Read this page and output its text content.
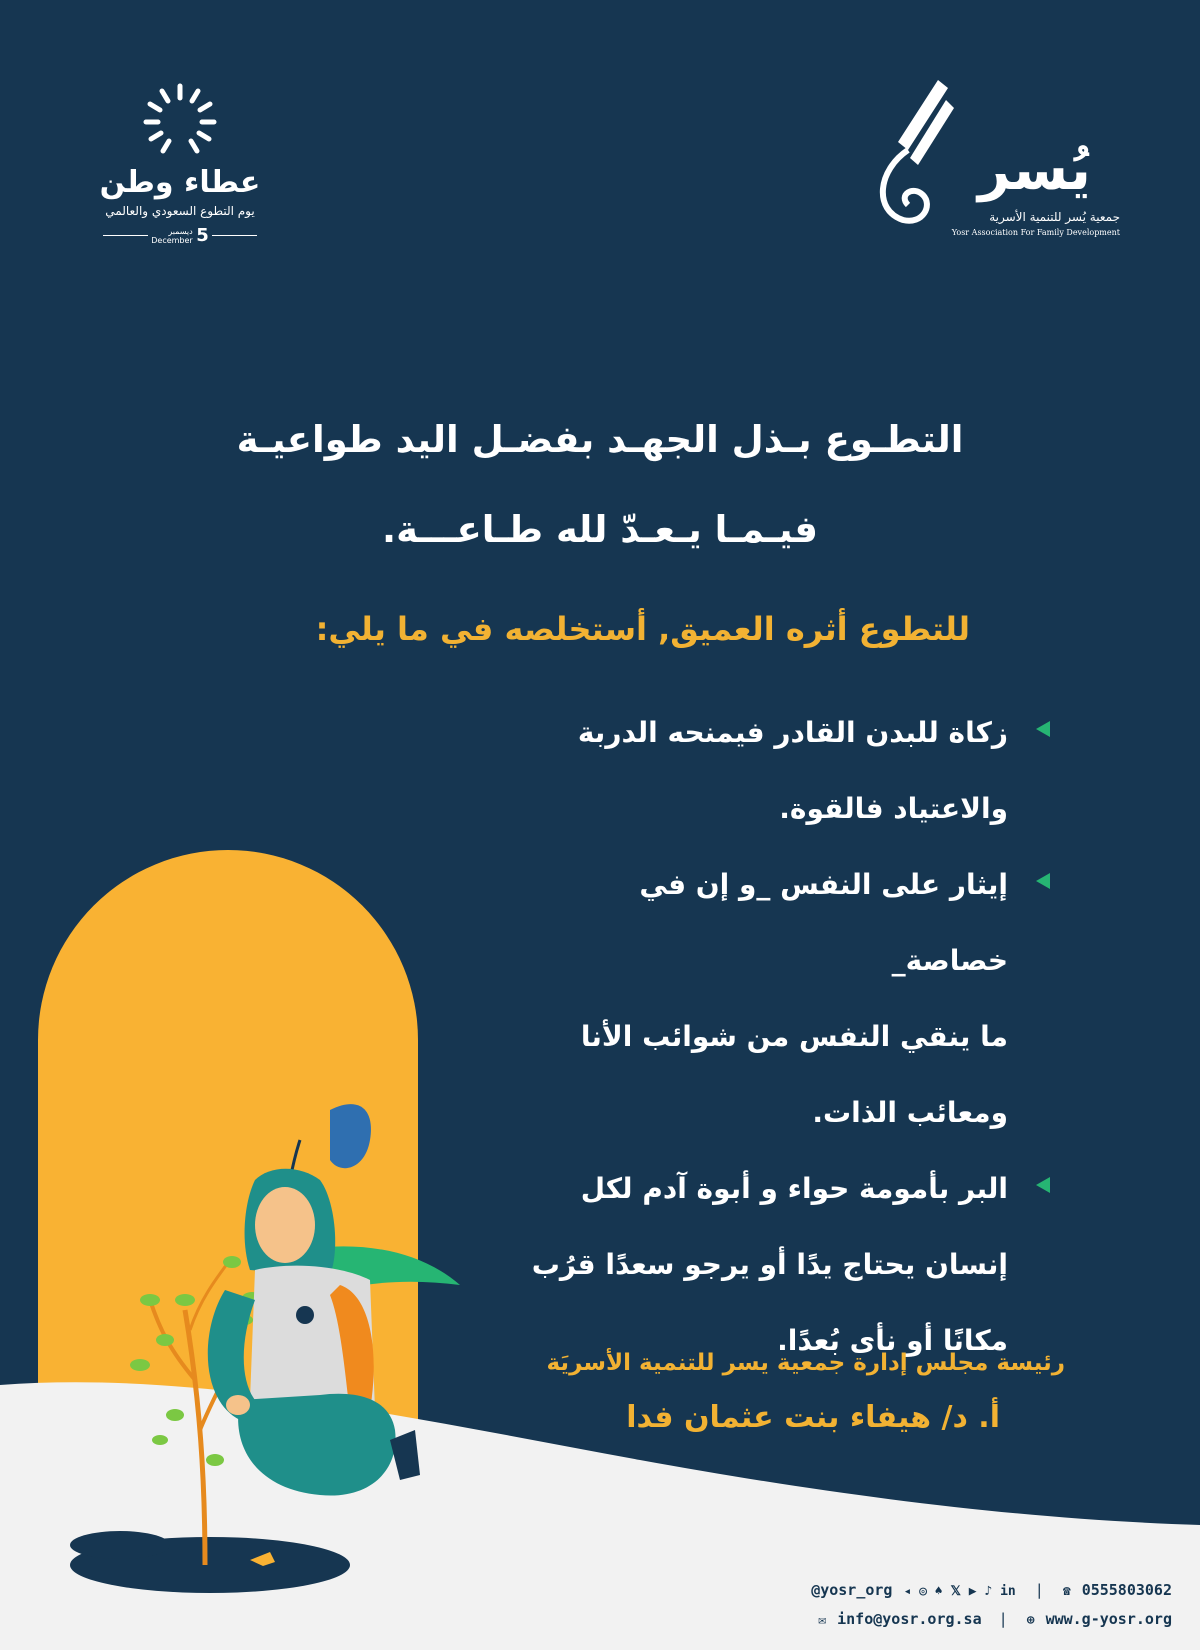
عطاء وطن
يوم التطوع السعودي والعالمي
ديسمبر
December 5
يُسر
جمعية يُسر للتنمية الأسرية
Yosr Association For Family Development
التطـوع بـذل الجهـد بفضـل اليد طواعيـة
فيـمـا يـعـدّ لله طـاعـــة.
للتطوع أثره العميق, أستخلصه في ما يلي:
زكاة للبدن القادر فيمنحه الدربة
والاعتياد فالقوة.
إيثار على النفس _و إن في خصاصة_
ما ينقي النفس من شوائب الأنا
ومعائب الذات.
البر بأمومة حواء و أبوة آدم لكل
إنسان يحتاج يدًا أو يرجو سعدًا قرُب
مكانًا أو نأى بُعدًا.
رئيسة مجلس إدارة جمعية يسر للتنمية الأسريَة
أ. د/ هيفاء بنت عثمان فدا
@yosr_org ◂ ◎ ♠ 𝕏 ▶ ♪ in | ☎ 0555803062
✉ info@yosr.org.sa | ⊕ www.g-yosr.org
